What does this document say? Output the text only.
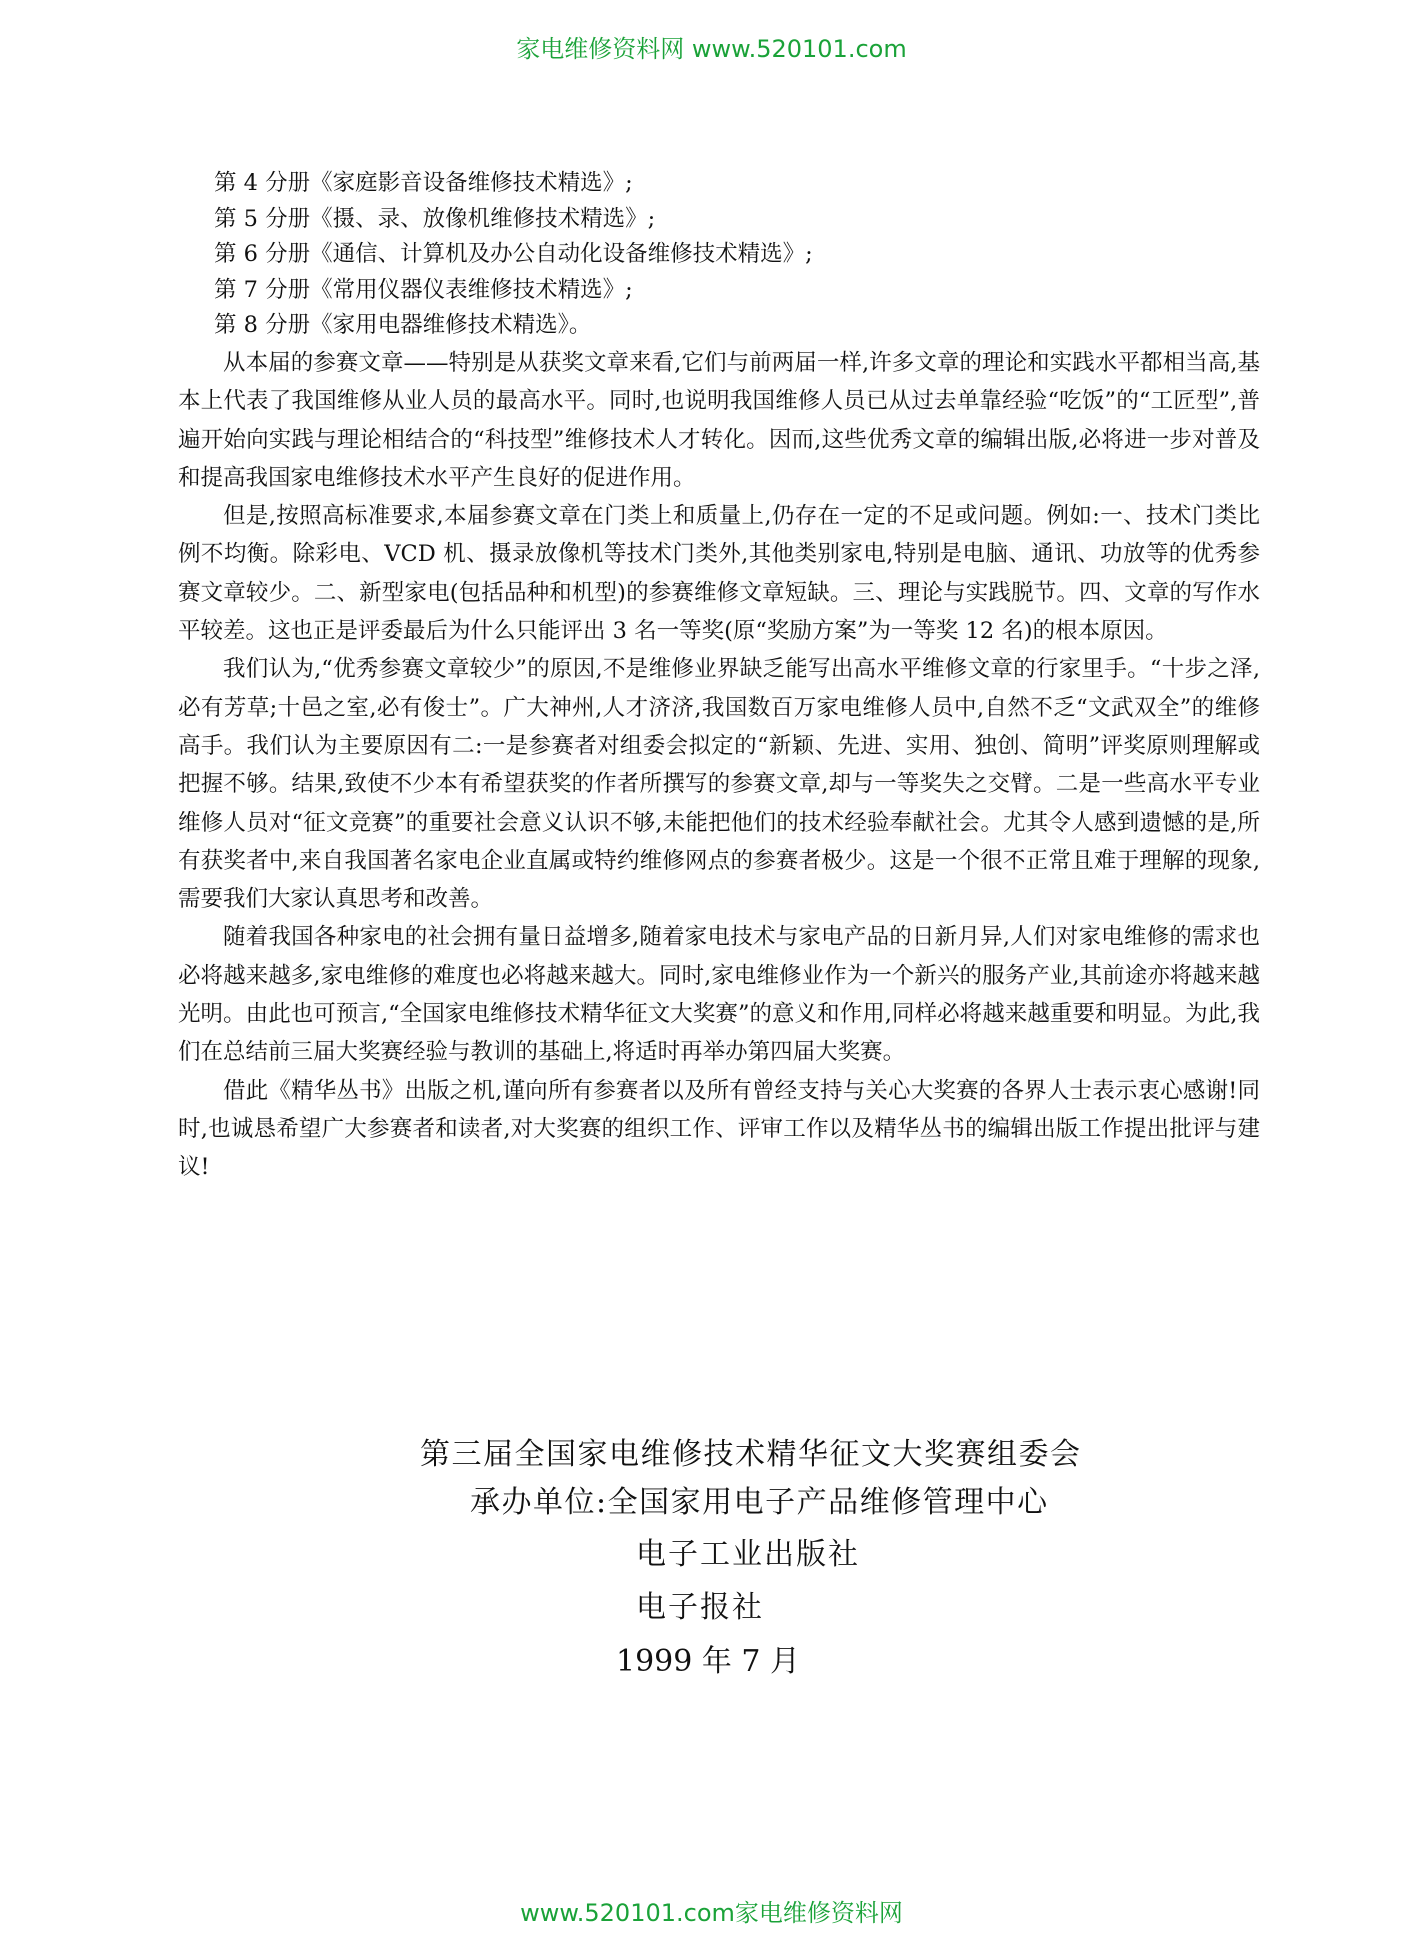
家电维修资料网 www.520101.com
第 4 分册《家庭影音设备维修技术精选》;
第 5 分册《摄、录、放像机维修技术精选》;
第 6 分册《通信、计算机及办公自动化设备维修技术精选》;
第 7 分册《常用仪器仪表维修技术精选》;
第 8 分册《家用电器维修技术精选》。

从本届的参赛文章——特别是从获奖文章来看,它们与前两届一样,许多文章的理论和实践水平都相当高,基本上代表了我国维修从业人员的最高水平。同时,也说明我国维修人员已从过去单靠经验“吃饭”的“工匠型”,普遍开始向实践与理论相结合的“科技型”维修技术人才转化。因而,这些优秀文章的编辑出版,必将进一步对普及和提高我国家电维修技术水平产生良好的促进作用。

但是,按照高标准要求,本届参赛文章在门类上和质量上,仍存在一定的不足或问题。例如:一、技术门类比例不均衡。除彩电、VCD 机、摄录放像机等技术门类外,其他类别家电,特别是电脑、通讯、功放等的优秀参赛文章较少。二、新型家电(包括品种和机型)的参赛维修文章短缺。三、理论与实践脱节。四、文章的写作水平较差。这也正是评委最后为什么只能评出 3 名一等奖(原“奖励方案”为一等奖 12 名)的根本原因。

我们认为,“优秀参赛文章较少”的原因,不是维修业界缺乏能写出高水平维修文章的行家里手。“十步之泽,必有芳草;十邑之室,必有俊士”。广大神州,人才济济,我国数百万家电维修人员中,自然不乏“文武双全”的维修高手。我们认为主要原因有二:一是参赛者对组委会拟定的“新颖、先进、实用、独创、简明”评奖原则理解或把握不够。结果,致使不少本有希望获奖的作者所撰写的参赛文章,却与一等奖失之交臂。二是一些高水平专业维修人员对“征文竞赛”的重要社会意义认识不够,未能把他们的技术经验奉献社会。尤其令人感到遗憾的是,所有获奖者中,来自我国著名家电企业直属或特约维修网点的参赛者极少。这是一个很不正常且难于理解的现象,需要我们大家认真思考和改善。

随着我国各种家电的社会拥有量日益增多,随着家电技术与家电产品的日新月异,人们对家电维修的需求也必将越来越多,家电维修的难度也必将越来越大。同时,家电维修业作为一个新兴的服务产业,其前途亦将越来越光明。由此也可预言,“全国家电维修技术精华征文大奖赛”的意义和作用,同样必将越来越重要和明显。为此,我们在总结前三届大奖赛经验与教训的基础上,将适时再举办第四届大奖赛。

借此《精华丛书》出版之机,谨向所有参赛者以及所有曾经支持与关心大奖赛的各界人士表示衷心感谢!同时,也诚恳希望广大参赛者和读者,对大奖赛的组织工作、评审工作以及精华丛书的编辑出版工作提出批评与建议!

第三届全国家电维修技术精华征文大奖赛组委会
承办单位:全国家用电子产品维修管理中心
电子工业出版社
电子报社
1999 年 7 月
www.520101.com家电维修资料网
